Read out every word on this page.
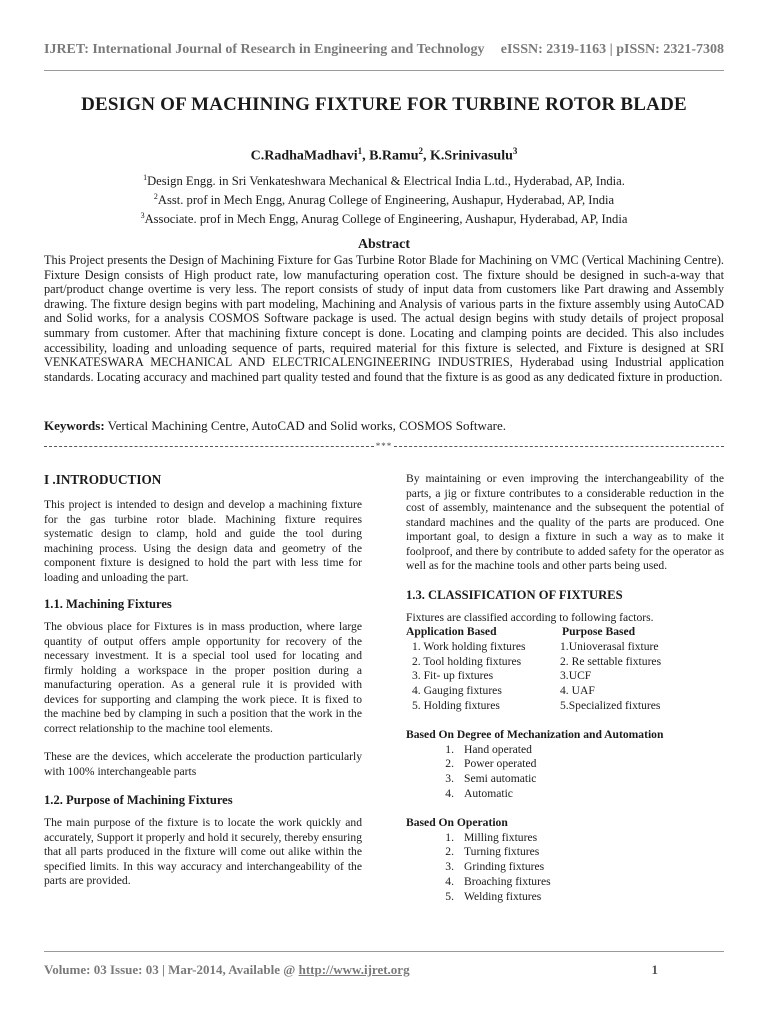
IJRET: International Journal of Research in Engineering and Technology	eISSN: 2319-1163 | pISSN: 2321-7308
DESIGN OF MACHINING FIXTURE FOR TURBINE ROTOR BLADE
C.RadhaMadhavi$^1$, B.Ramu$^2$, K.Srinivasulu$^3$
$^1$Design Engg. in Sri Venkateshwara Mechanical & Electrical India L.td., Hyderabad, AP, India.
$^2$Asst. prof in Mech Engg, Anurag College of Engineering, Aushapur, Hyderabad, AP, India
$^3$Associate. prof in Mech Engg, Anurag College of Engineering, Aushapur, Hyderabad, AP, India
Abstract
This Project presents the Design of Machining Fixture for Gas Turbine Rotor Blade for Machining on VMC (Vertical Machining Centre). Fixture Design consists of High product rate, low manufacturing operation cost. The fixture should be designed in such-a-way that part/product change overtime is very less. The report consists of study of input data from customers like Part drawing and Assembly drawing. The fixture design begins with part modeling, Machining and Analysis of various parts in the fixture assembly using AutoCAD and Solid works, for a analysis COSMOS Software package is used. The actual design begins with study details of project proposal summary from customer. After that machining fixture concept is done. Locating and clamping points are decided. This also includes accessibility, loading and unloading sequence of parts, required material for this fixture is selected, and Fixture is designed at SRI VENKATESWARA MECHANICAL AND ELECTRICALENGINEERING INDUSTRIES, Hyderabad using Industrial application standards. Locating accuracy and machined part quality tested and found that the fixture is as good as any dedicated fixture in production.
Keywords: Vertical Machining Centre, AutoCAD and Solid works, COSMOS Software.
***
I .INTRODUCTION

This project is intended to design and develop a machining fixture for the gas turbine rotor blade. Machining fixture requires systematic design to clamp, hold and guide the tool during machining process. Using the design data and geometry of the component fixture is designed to hold the part with less time for loading and unloading the part.

1.1. Machining Fixtures

The obvious place for Fixtures is in mass production, where large quantity of output offers ample opportunity for recovery of the necessary investment. It is a special tool used for locating and firmly holding a workspace in the proper position during a manufacturing operation. As a general rule it is provided with devices for supporting and clamping the work piece. It is fixed to the machine bed by clamping in such a position that the work in the correct relationship to the machine tool elements.

These are the devices, which accelerate the production particularly with 100% interchangeable parts

1.2. Purpose of Machining Fixtures

The main purpose of the fixture is to locate the work quickly and accurately, Support it properly and hold it securely, thereby ensuring that all parts produced in the fixture will come out alike within the specified limits. In this way accuracy and interchangeability of the parts are provided.

By maintaining or even improving the interchangeability of the parts, a jig or fixture contributes to a considerable reduction in the cost of assembly, maintenance and the subsequent the potential of standard machines and the quality of the parts are produced. One important goal, to design a fixture in such a way as to make it foolproof, and there by contribute to added safety for the operator as well as for the machine tools and other parts being used.

1.3. CLASSIFICATION OF FIXTURES

Fixtures are classified according to following factors.

Application Based
1. Work holding fixtures
2. Tool holding fixtures
3. Fit- up fixtures
4. Gauging fixtures
5. Holding fixtures
Purpose Based
1.Unioverasal fixture
2. Re settable fixtures
3.UCF
4. UAF
5.Specialized fixtures
Based On Degree of Mechanization and Automation
1. Hand operated
2. Power operated
3. Semi automatic
4. Automatic
Based On Operation
1. Milling fixtures
2. Turning fixtures
3. Grinding fixtures
4. Broaching fixtures
5. Welding fixtures
Volume: 03 Issue: 03 | Mar-2014, Available @ http://www.ijret.org	1
